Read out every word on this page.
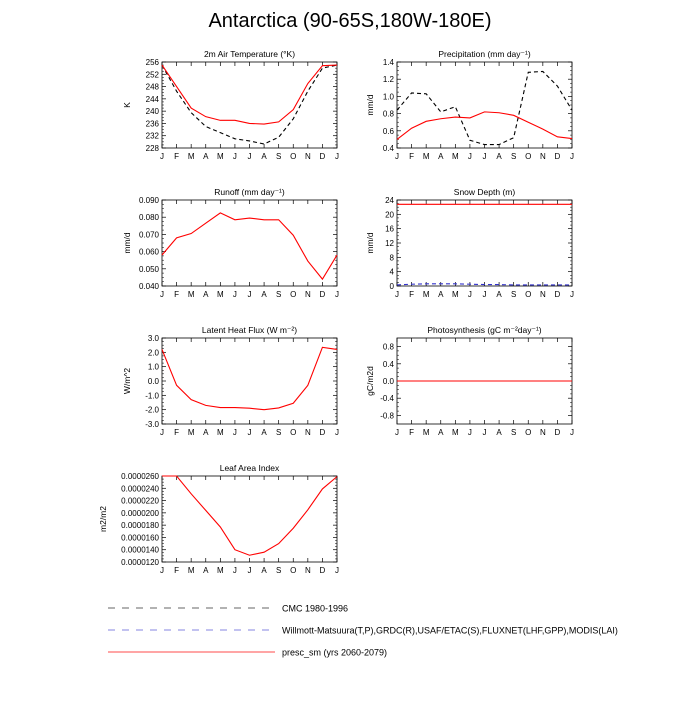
Antarctica (90-65S,180W-180E)
2m Air Temperature (°K)
K
228
232
236
240
244
248
252
256
J F M A M J J A S O N D J
Precipitation (mm day⁻¹)
mm/d
0.4
0.6
0.8
1.0
1.2
1.4
J F M A M J J A S O N D J
Runoff (mm day⁻¹)
mm/d
0.040
0.050
0.060
0.070
0.080
0.090
J F M A M J J A S O N D J
Snow Depth (m)
mm/d
0
4
8
12
16
20
24
J F M A M J J A S O N D J
Latent Heat Flux (W m⁻²)
W/m^2
-3.0
-2.0
-1.0
0.0
1.0
2.0
3.0
J F M A M J J A S O N D J
Photosynthesis (gC m⁻²day⁻¹)
gC/m2d
-0.8
-0.4
0.0
0.4
0.8
J F M A M J J A S O N D J
Leaf Area Index
m2/m2
0.0000120
0.0000140
0.0000160
0.0000180
0.0000200
0.0000220
0.0000240
0.0000260
J F M A M J J A S O N D J
CMC 1980-1996
Willmott-Matsuura(T,P),GRDC(R),USAF/ETAC(S),FLUXNET(LHF,GPP),MODIS(LAI)
presc_sm (yrs 2060-2079)
